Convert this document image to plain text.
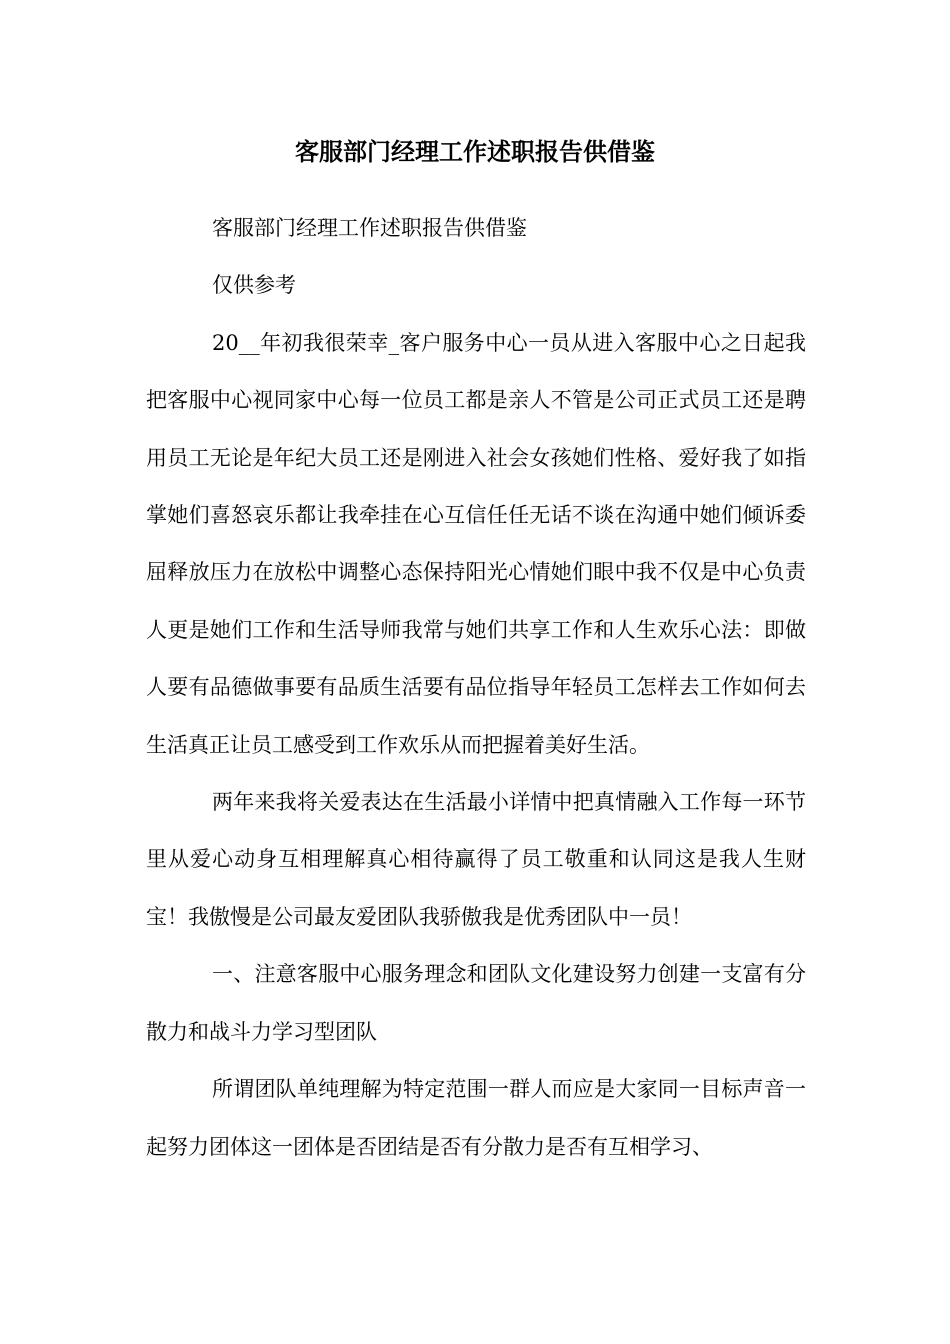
客服部门经理工作述职报告供借鉴

客服部门经理工作述职报告供借鉴

仅供参考

20__年初我很荣幸_客户服务中心一员从进入客服中心之日起我把客服中心视同家中心每一位员工都是亲人不管是公司正式员工还是聘用员工无论是年纪大员工还是刚进入社会女孩她们性格、爱好我了如指掌她们喜怒哀乐都让我牵挂在心互信任任无话不谈在沟通中她们倾诉委屈释放压力在放松中调整心态保持阳光心情她们眼中我不仅是中心负责人更是她们工作和生活导师我常与她们共享工作和人生欢乐心法：即做人要有品德做事要有品质生活要有品位指导年轻员工怎样去工作如何去生活真正让员工感受到工作欢乐从而把握着美好生活。

两年来我将关爱表达在生活最小详情中把真情融入工作每一环节里从爱心动身互相理解真心相待赢得了员工敬重和认同这是我人生财宝！我傲慢是公司最友爱团队我骄傲我是优秀团队中一员！

一、注意客服中心服务理念和团队文化建设努力创建一支富有分散力和战斗力学习型团队

所谓团队单纯理解为特定范围一群人而应是大家同一目标声音一起努力团体这一团体是否团结是否有分散力是否有互相学习、
